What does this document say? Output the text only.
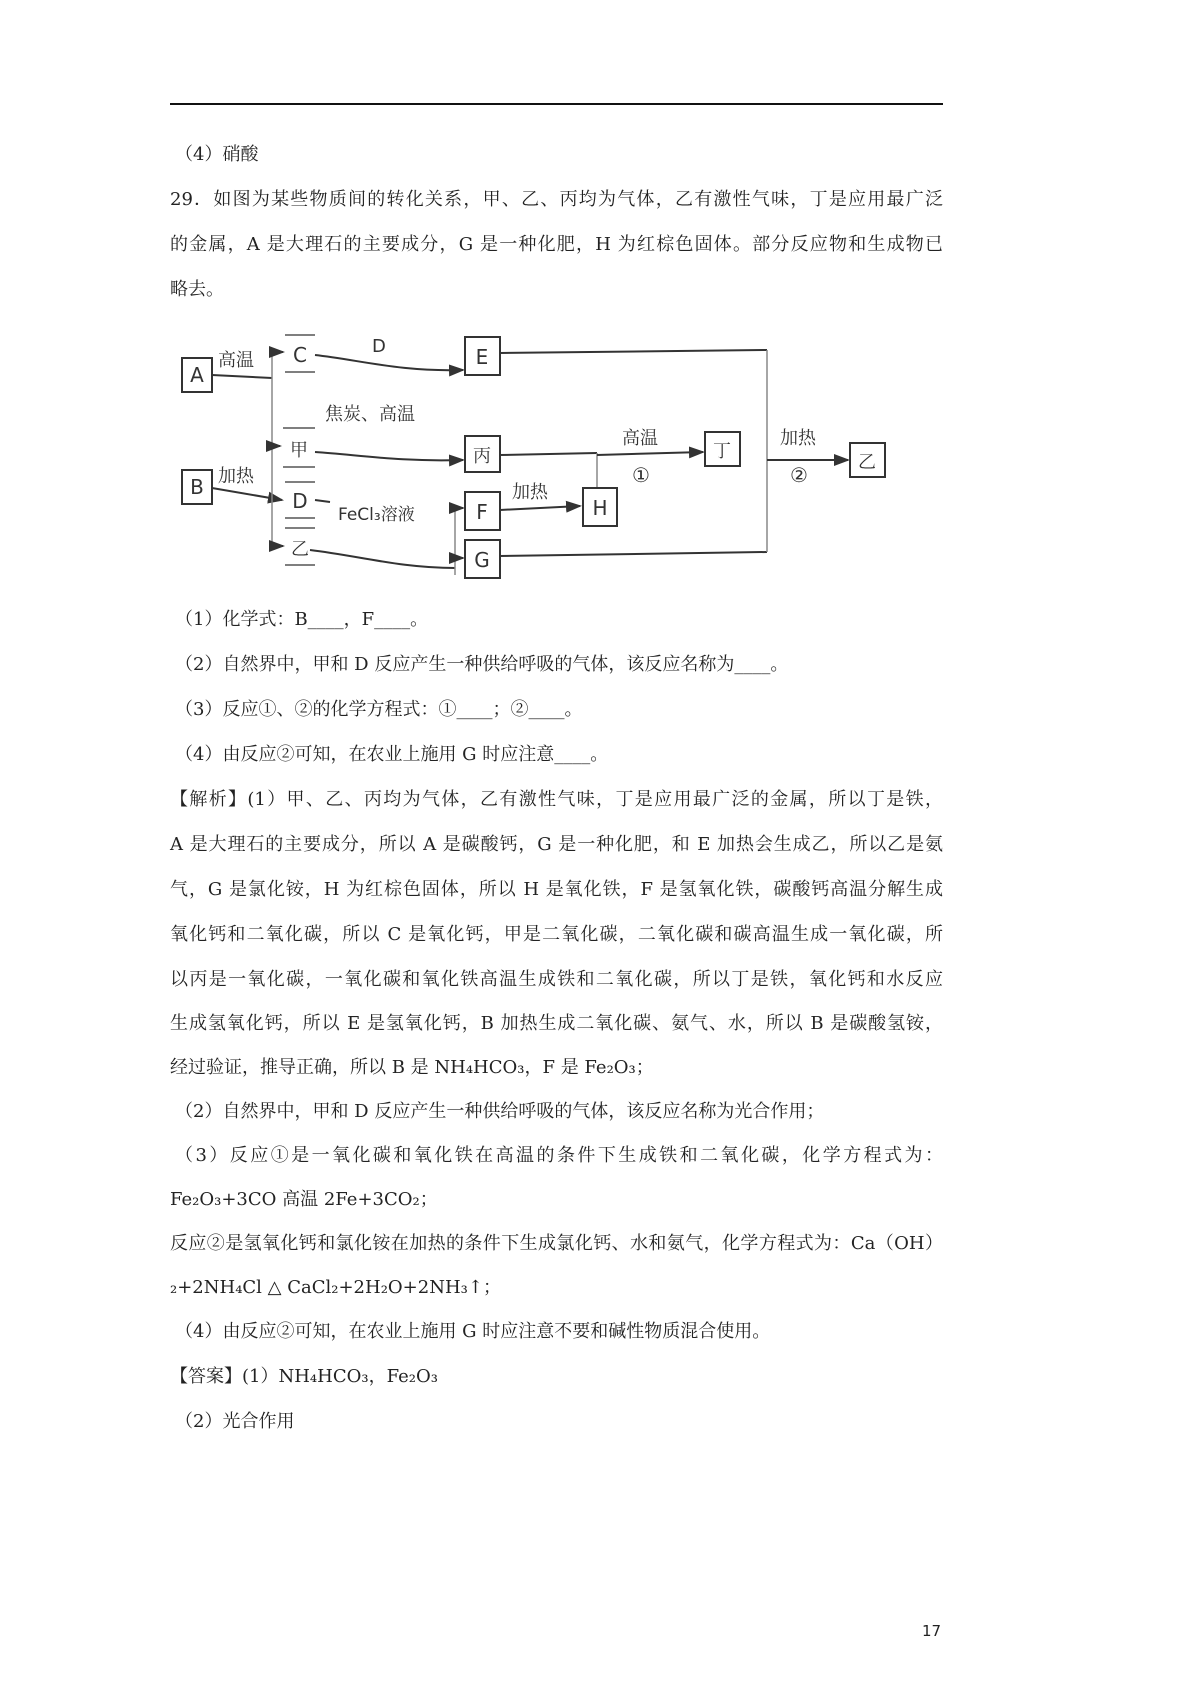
（4）硝酸
29．如图为某些物质间的转化关系，甲、乙、丙均为气体，乙有激性气味，丁是应用最广泛
的金属，A 是大理石的主要成分，G 是一种化肥，H 为红棕色固体。部分反应物和生成物已
略去。
A
B
C
甲
D
乙
E
丙
F
G
H
丁
乙
高温
加热
D
焦炭、高温
FeCl₃溶液
加热
高温
①
加热
②
（1）化学式：B____，F____。
（2）自然界中，甲和 D 反应产生一种供给呼吸的气体，该反应名称为____。
（3）反应①、②的化学方程式：①____；②____。
（4）由反应②可知，在农业上施用 G 时应注意____。
【解析】(1）甲、乙、丙均为气体，乙有激性气味，丁是应用最广泛的金属，所以丁是铁，
A 是大理石的主要成分，所以 A 是碳酸钙，G 是一种化肥，和 E 加热会生成乙，所以乙是氨
气，G 是氯化铵，H 为红棕色固体，所以 H 是氧化铁，F 是氢氧化铁，碳酸钙高温分解生成
氧化钙和二氧化碳，所以 C 是氧化钙，甲是二氧化碳，二氧化碳和碳高温生成一氧化碳，所
以丙是一氧化碳，一氧化碳和氧化铁高温生成铁和二氧化碳，所以丁是铁，氧化钙和水反应
生成氢氧化钙，所以 E 是氢氧化钙，B 加热生成二氧化碳、氨气、水，所以 B 是碳酸氢铵，
经过验证，推导正确，所以 B 是 NH₄HCO₃，F 是 Fe₂O₃；
（2）自然界中，甲和 D 反应产生一种供给呼吸的气体，该反应名称为光合作用；
（3）反应①是一氧化碳和氧化铁在高温的条件下生成铁和二氧化碳，化学方程式为：
Fe₂O₃+3CO 高温 2Fe+3CO₂；
反应②是氢氧化钙和氯化铵在加热的条件下生成氯化钙、水和氨气，化学方程式为：Ca（OH）
₂+2NH₄Cl △ CaCl₂+2H₂O+2NH₃↑；
（4）由反应②可知，在农业上施用 G 时应注意不要和碱性物质混合使用。
【答案】(1）NH₄HCO₃，Fe₂O₃
（2）光合作用
17
